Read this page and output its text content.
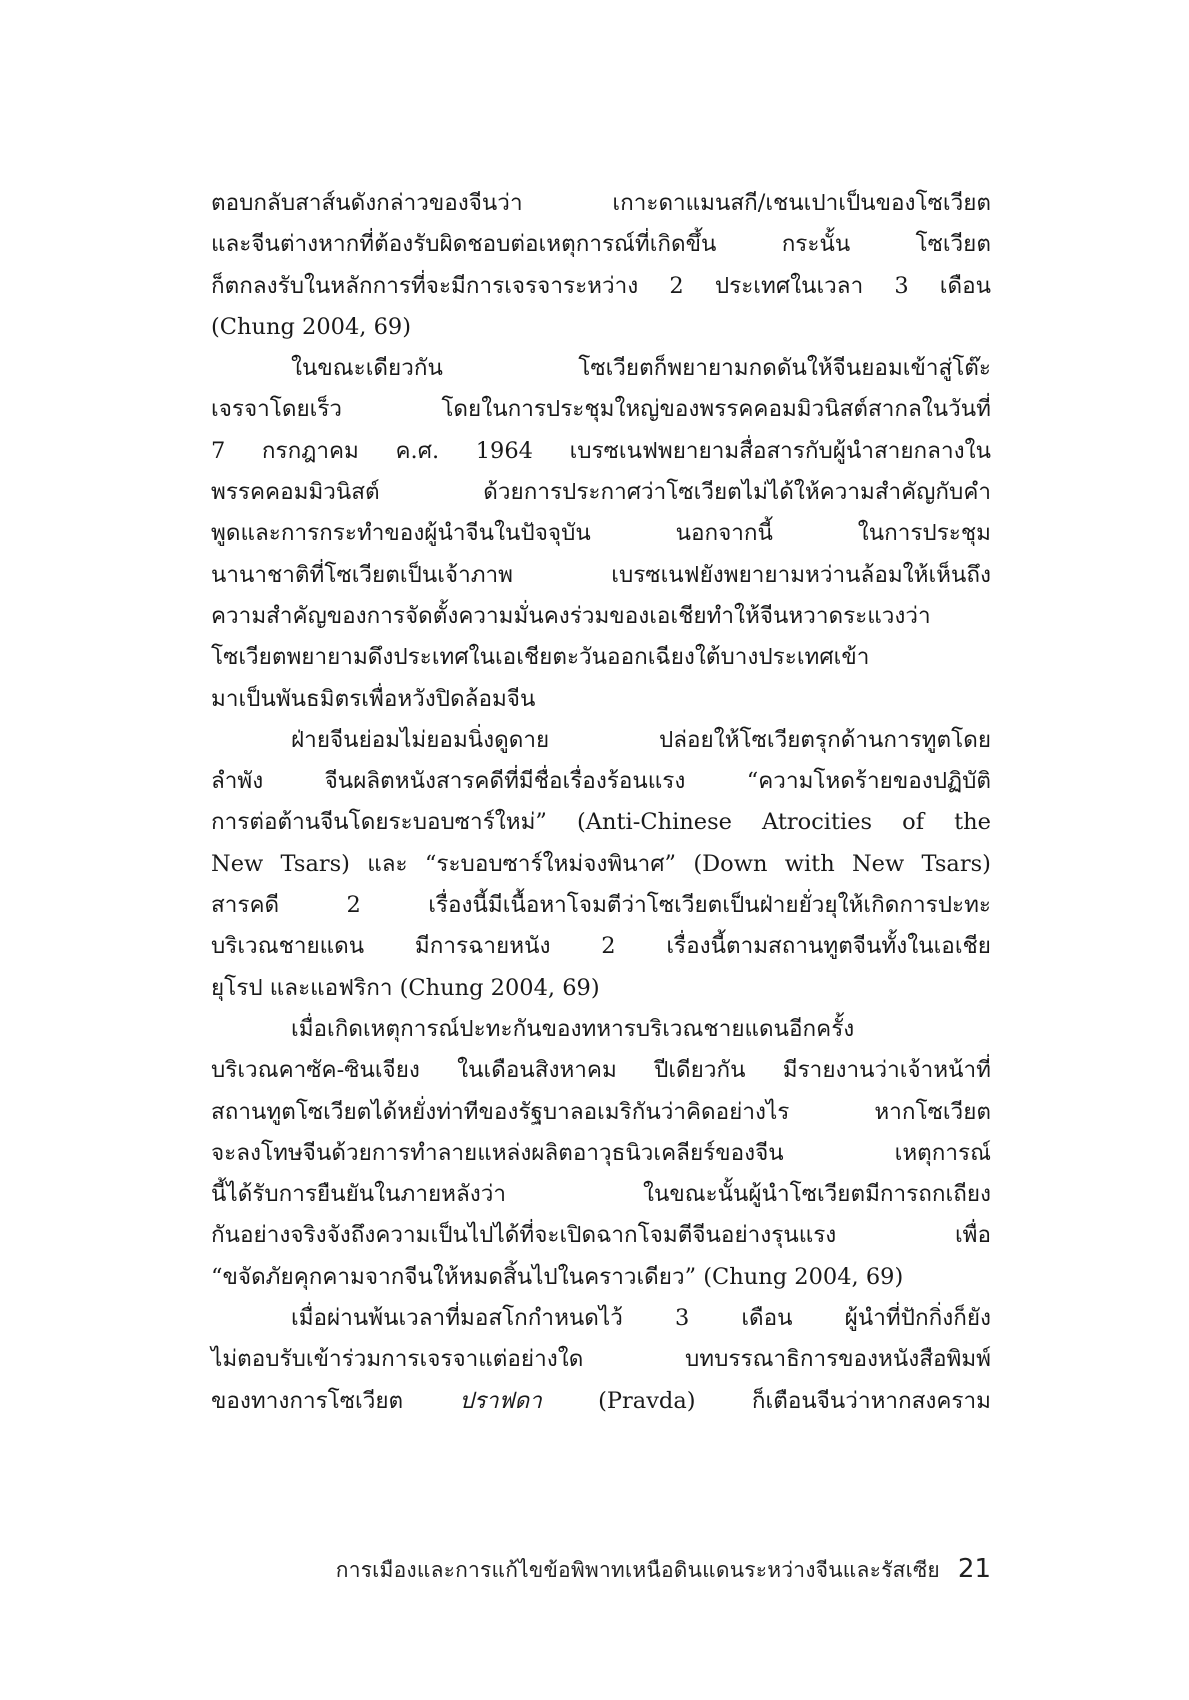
ตอบกลับสาส์นดังกล่าวของจีนว่า	เกาะดาแมนสกี/เชนเปาเป็นของโซเวียต
และจีนต่างหากที่ต้องรับผิดชอบต่อเหตุการณ์ที่เกิดขึ้น	กระนั้น	โซเวียต
ก็ตกลงรับในหลักการที่จะมีการเจรจาระหว่าง 2 ประเทศในเวลา 3 เดือน
(Chung 2004, 69)
ในขณะเดียวกัน	โซเวียตก็พยายามกดดันให้จีนยอมเข้าสู่โต๊ะ
เจรจาโดยเร็ว	โดยในการประชุมใหญ่ของพรรคคอมมิวนิสต์สากลในวันที่
7 กรกฎาคม ค.ศ. 1964 เบรซเนฟพยายามสื่อสารกับผู้นำสายกลางใน
พรรคคอมมิวนิสต์	ด้วยการประกาศว่าโซเวียตไม่ได้ให้ความสำคัญกับคำ
พูดและการกระทำของผู้นำจีนในปัจจุบัน	นอกจากนี้	ในการประชุม
นานาชาติที่โซเวียตเป็นเจ้าภาพ	เบรซเนฟยังพยายามหว่านล้อมให้เห็นถึง
ความสำคัญของการจัดตั้งความมั่นคงร่วมของเอเชียทำให้จีนหวาดระแวงว่า
โซเวียตพยายามดึงประเทศในเอเชียตะวันออกเฉียงใต้บางประเทศเข้า
มาเป็นพันธมิตรเพื่อหวังปิดล้อมจีน
ฝ่ายจีนย่อมไม่ยอมนิ่งดูดาย	ปล่อยให้โซเวียตรุกด้านการทูตโดย
ลำพัง	จีนผลิตหนังสารคดีที่มีชื่อเรื่องร้อนแรง	“ความโหดร้ายของปฏิบัติ
การต่อต้านจีนโดยระบอบซาร์ใหม่” (Anti-Chinese Atrocities of the
New Tsars) และ “ระบอบซาร์ใหม่จงพินาศ” (Down with New Tsars)
สารคดี	2	เรื่องนี้มีเนื้อหาโจมตีว่าโซเวียตเป็นฝ่ายยั่วยุให้เกิดการปะทะ
บริเวณชายแดน มีการฉายหนัง 2 เรื่องนี้ตามสถานทูตจีนทั้งในเอเชีย
ยุโรป และแอฟริกา (Chung 2004, 69)
เมื่อเกิดเหตุการณ์ปะทะกันของทหารบริเวณชายแดนอีกครั้ง
บริเวณคาซัค-ซินเจียง ในเดือนสิงหาคม ปีเดียวกัน มีรายงานว่าเจ้าหน้าที่
สถานทูตโซเวียตได้หยั่งท่าทีของรัฐบาลอเมริกันว่าคิดอย่างไร	หากโซเวียต
จะลงโทษจีนด้วยการทำลายแหล่งผลิตอาวุธนิวเคลียร์ของจีน	เหตุการณ์
นี้ได้รับการยืนยันในภายหลังว่า	ในขณะนั้นผู้นำโซเวียตมีการถกเถียง
กันอย่างจริงจังถึงความเป็นไปได้ที่จะเปิดฉากโจมตีจีนอย่างรุนแรง	เพื่อ
“ขจัดภัยคุกคามจากจีนให้หมดสิ้นไปในคราวเดียว” (Chung 2004, 69)
เมื่อผ่านพ้นเวลาที่มอสโกกำหนดไว้ 3 เดือน ผู้นำที่ปักกิ่งก็ยัง
ไม่ตอบรับเข้าร่วมการเจรจาแต่อย่างใด	บทบรรณาธิการของหนังสือพิมพ์
ของทางการโซเวียต	ปราฟดา	(Pravda)	ก็เตือนจีนว่าหากสงคราม
การเมืองและการแก้ไขข้อพิพาทเหนือดินแดนระหว่างจีนและรัสเซีย 21
